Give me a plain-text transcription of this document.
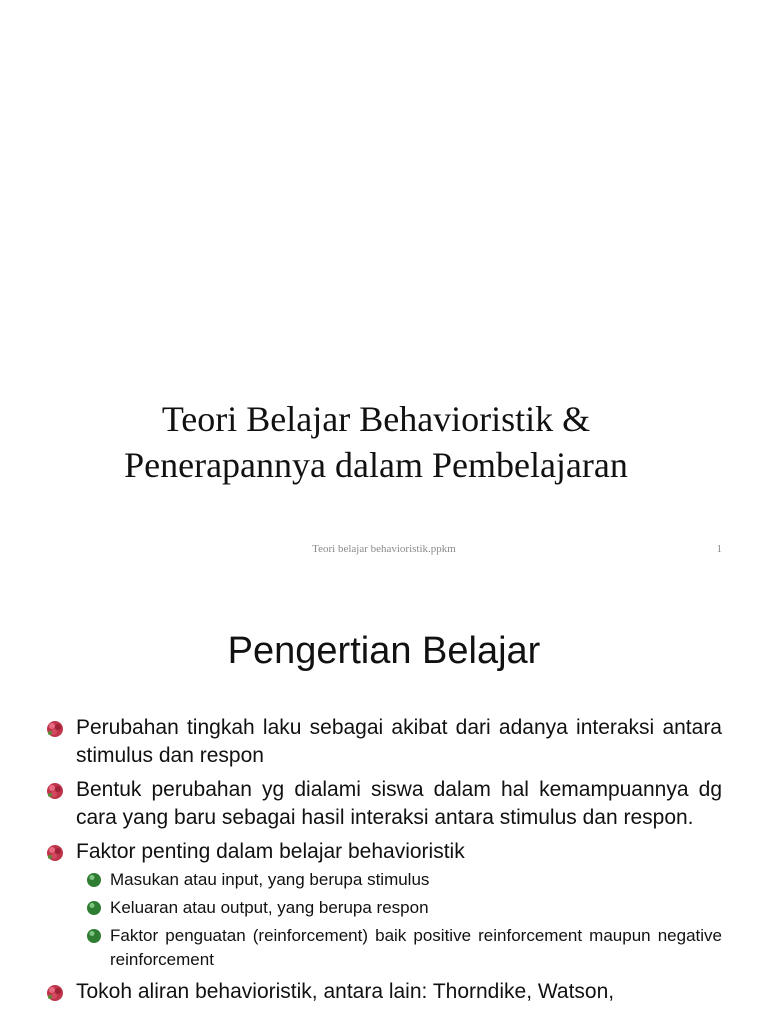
Teori Belajar Behavioristik &
Penerapannya dalam Pembelajaran
Teori belajar behavioristik.ppkm	1
Pengertian Belajar
Perubahan tingkah laku sebagai akibat dari adanya interaksi antara stimulus dan respon
Bentuk perubahan yg dialami siswa dalam hal kemampuannya dg cara yang baru sebagai hasil interaksi antara stimulus dan respon.
Faktor penting dalam belajar behavioristik
Masukan atau input, yang berupa stimulus
Keluaran atau output, yang berupa respon
Faktor penguatan (reinforcement) baik positive reinforcement maupun negative reinforcement
Tokoh aliran behavioristik, antara lain: Thorndike, Watson,
